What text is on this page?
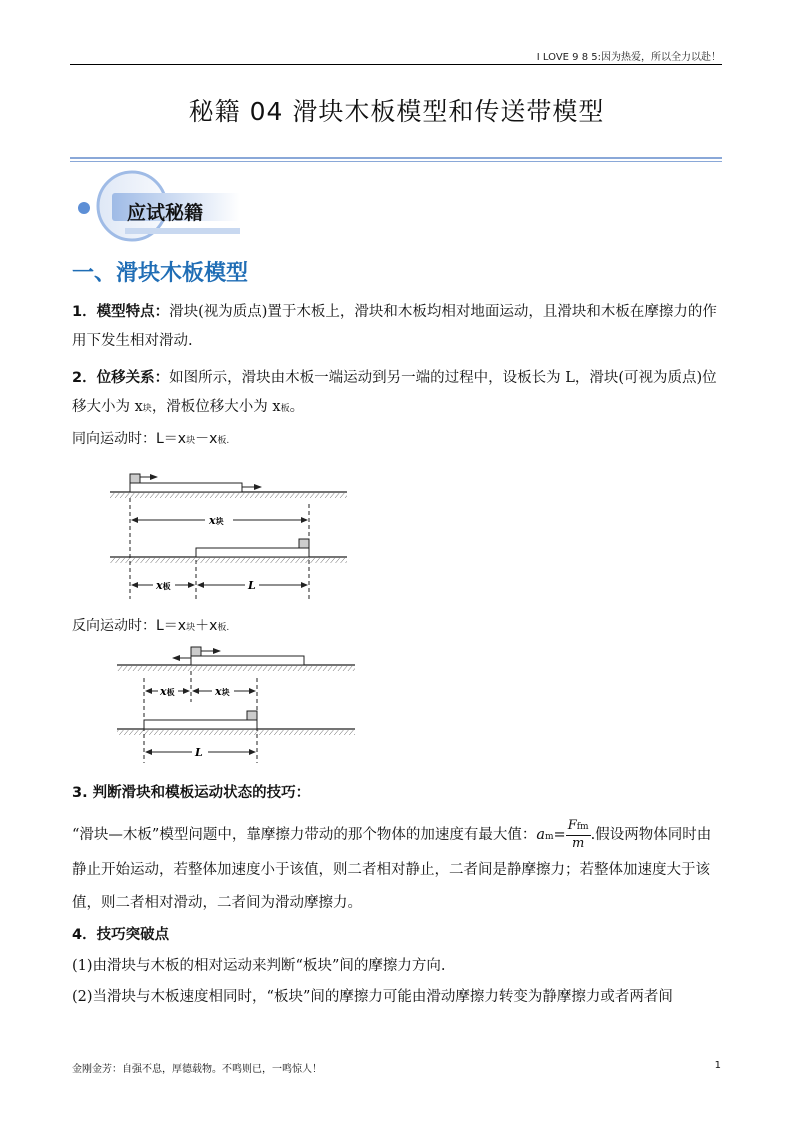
I LOVE 9 8 5:因为热爱，所以全力以赴！
秘籍 04 滑块木板模型和传送带模型
应试秘籍
一、滑块木板模型
1．模型特点：滑块(视为质点)置于木板上，滑块和木板均相对地面运动，且滑块和木板在摩擦力的作用下发生相对滑动.
2．位移关系：如图所示，滑块由木板一端运动到另一端的过程中，设板长为 L，滑块(可视为质点)位移大小为 x块，滑板位移大小为 x板。
同向运动时：L＝x块－x板.
x块
x板	L
反向运动时：L＝x块＋x板.
x板	x块
L
3. 判断滑块和模板运动状态的技巧：
“滑块—木板”模型问题中，靠摩擦力带动的那个物体的加速度有最大值：$am= \frac{\text{Ffm}}{m}$ .假设两物体同时由静止开始运动，若整体加速度小于该值，则二者相对静止，二者间是静摩擦力；若整体加速度大于该值，则二者相对滑动，二者间为滑动摩擦力。
4．技巧突破点
(1)由滑块与木板的相对运动来判断“板块”间的摩擦力方向.
(2)当滑块与木板速度相同时，“板块”间的摩擦力可能由滑动摩擦力转变为静摩擦力或者两者间
金刚金芳：自强不息，厚德载物。不鸣则已，一鸣惊人！	1
